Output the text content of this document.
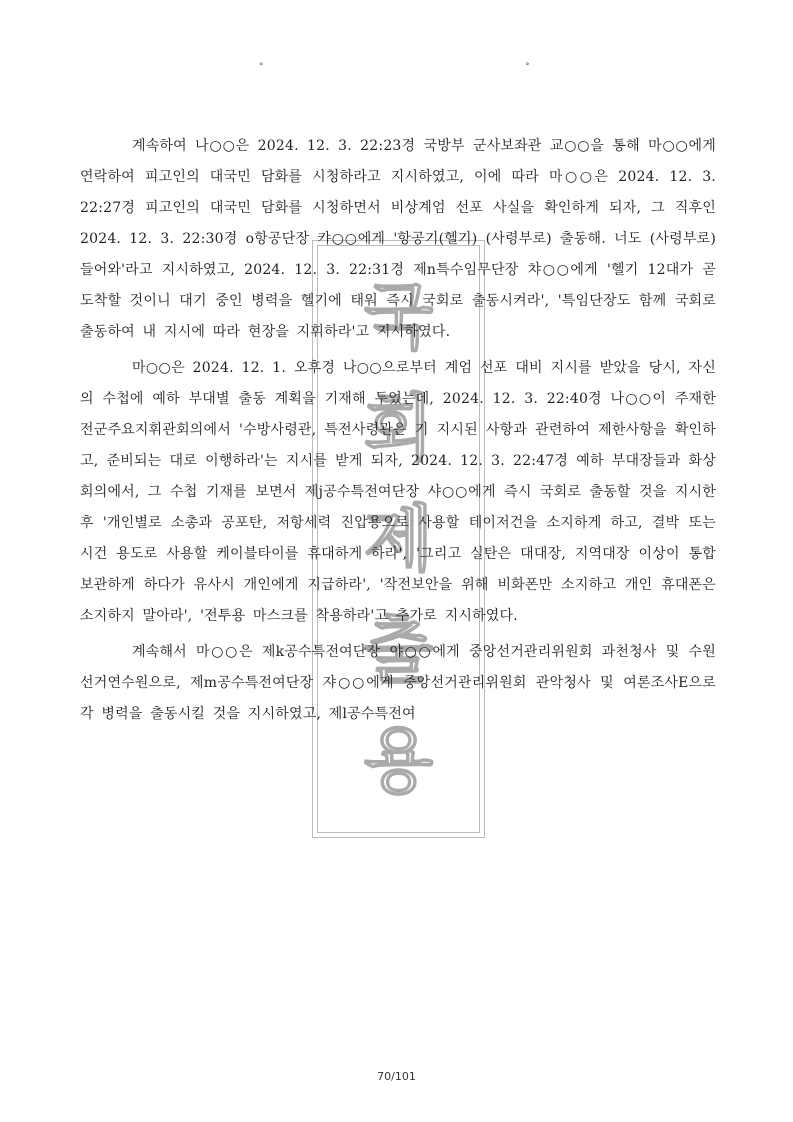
°	°
국
회
제
출
용

계속하여 나○○은 2024. 12. 3. 22:23경 국방부 군사보좌관 교○○을 통해 마○○에게 연락하여 피고인의 대국민 담화를 시청하라고 지시하였고, 이에 따라 마○○은 2024. 12. 3. 22:27경 피고인의 대국민 담화를 시청하면서 비상계엄 선포 사실을 확인하게 되자, 그 직후인 2024. 12. 3. 22:30경 o항공단장 캬○○에게 '항공기(헬기) (사령부로) 출동해. 너도 (사령부로) 들어와'라고 지시하였고, 2024. 12. 3. 22:31경 제n특수임무단장 챠○○에게 '헬기 12대가 곧 도착할 것이니 대기 중인 병력을 헬기에 태워 즉시 국회로 출동시켜라', '특임단장도 함께 국회로 출동하여 내 지시에 따라 현장을 지휘하라'고 지시하였다.

마○○은 2024. 12. 1. 오후경 나○○으로부터 계엄 선포 대비 지시를 받았을 당시, 자신의 수첩에 예하 부대별 출동 계획을 기재해 두었는데, 2024. 12. 3. 22:40경 나○○이 주재한 전군주요지휘관회의에서 '수방사령관, 특전사령관은 기 지시된 사항과 관련하여 제한사항을 확인하고, 준비되는 대로 이행하라'는 지시를 받게 되자, 2024. 12. 3. 22:47경 예하 부대장들과 화상회의에서, 그 수첩 기재를 보면서 제j공수특전여단장 샤○○에게 즉시 국회로 출동할 것을 지시한 후 '개인별로 소총과 공포탄, 저항세력 진압용으로 사용할 테이저건을 소지하게 하고, 결박 또는 시건 용도로 사용할 케이블타이를 휴대하게 하라', '그리고 실탄은 대대장, 지역대장 이상이 통합 보관하게 하다가 유사시 개인에게 지급하라', '작전보안을 위해 비화폰만 소지하고 개인 휴대폰은 소지하지 말아라', '전투용 마스크를 착용하라'고 추가로 지시하였다.

계속해서 마○○은 제k공수특전여단장 야○○에게 중앙선거관리위원회 과천청사 및 수원 선거연수원으로, 제m공수특전여단장 쟈○○에게 중앙선거관리위원회 관악청사 및 여론조사E으로 각 병력을 출동시킬 것을 지시하였고, 제l공수특전여

70/101
